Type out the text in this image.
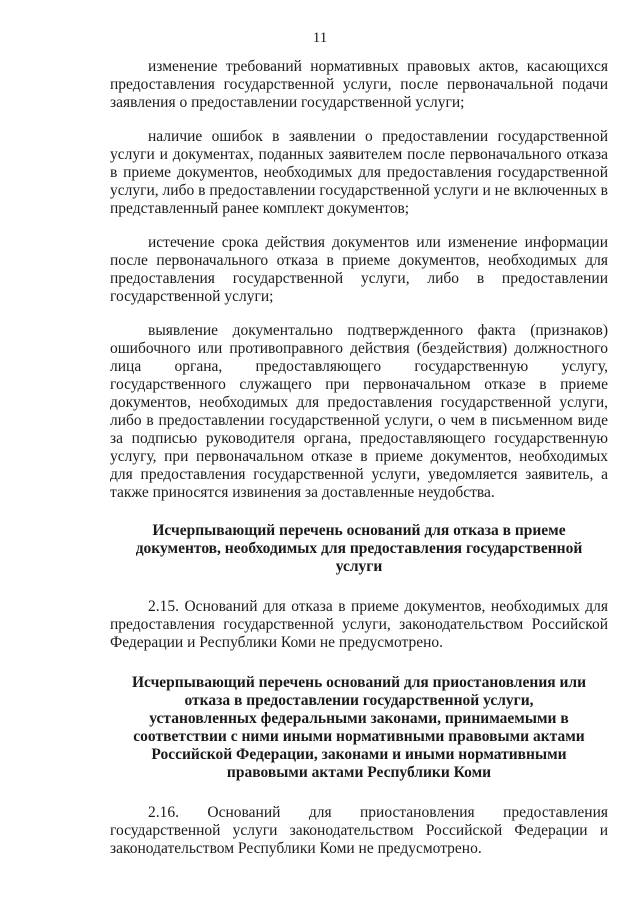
11

изменение требований нормативных правовых актов, касающихся предоставления государственной услуги, после первоначальной подачи заявления о предоставлении государственной услуги;

наличие ошибок в заявлении о предоставлении государственной услуги и документах, поданных заявителем после первоначального отказа в приеме документов, необходимых для предоставления государственной услуги, либо в предоставлении государственной услуги и не включенных в представленный ранее комплект документов;

истечение срока действия документов или изменение информации после первоначального отказа в приеме документов, необходимых для предоставления государственной услуги, либо в предоставлении государственной услуги;

выявление документально подтвержденного факта (признаков) ошибочного или противоправного действия (бездействия) должностного лица органа, предоставляющего государственную услугу, государственного служащего при первоначальном отказе в приеме документов, необходимых для предоставления государственной услуги, либо в предоставлении государственной услуги, о чем в письменном виде за подписью руководителя органа, предоставляющего государственную услугу, при первоначальном отказе в приеме документов, необходимых для предоставления государственной услуги, уведомляется заявитель, а также приносятся извинения за доставленные неудобства.

Исчерпывающий перечень оснований для отказа в приеме документов, необходимых для предоставления государственной услуги

2.15. Оснований для отказа в приеме документов, необходимых для предоставления государственной услуги, законодательством Российской Федерации и Республики Коми не предусмотрено.

Исчерпывающий перечень оснований для приостановления или отказа в предоставлении государственной услуги, установленных федеральными законами, принимаемыми в соответствии с ними иными нормативными правовыми актами Российской Федерации, законами и иными нормативными правовыми актами Республики Коми

2.16. Оснований для приостановления предоставления государственной услуги законодательством Российской Федерации и законодательством Республики Коми не предусмотрено.
